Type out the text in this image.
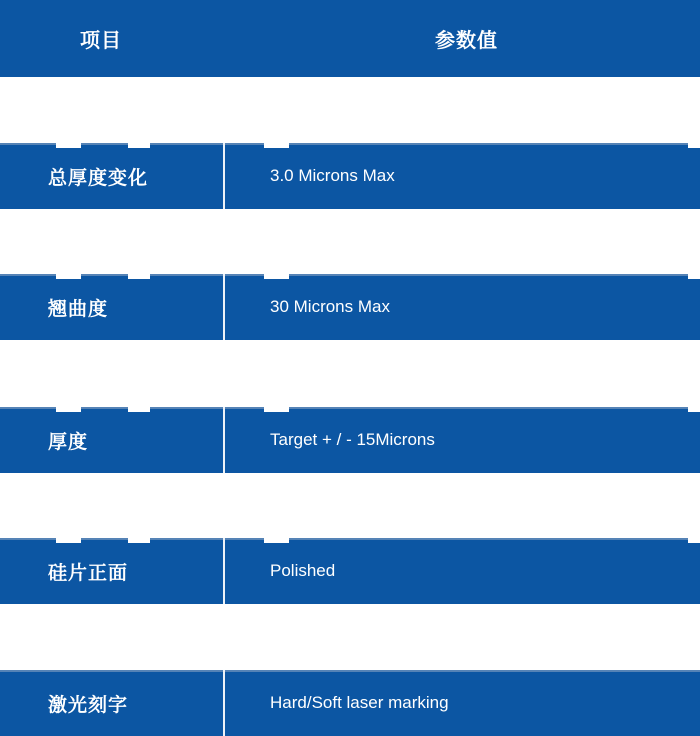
项目	参数值
总厚度变化	3.0 Microns Max
翘曲度	30 Microns Max
厚度	Target + / - 15Microns
硅片正面	Polished
激光刻字	Hard/Soft laser marking
